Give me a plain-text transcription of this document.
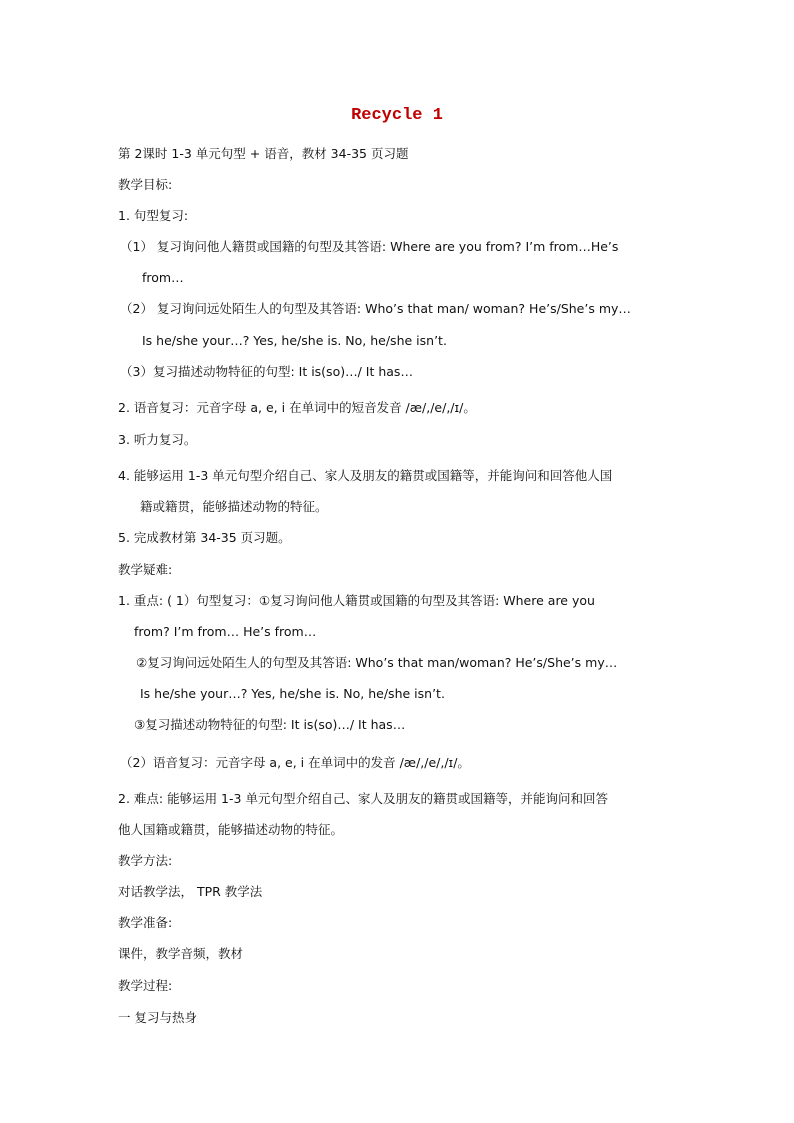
Recycle 1
第 2课时 1-3 单元句型 + 语音，教材 34-35 页习题
教学目标:
1. 句型复习:
（1） 复习询问他人籍贯或国籍的句型及其答语: Where are you from? I’m from…He’s
from…
（2） 复习询问远处陌生人的句型及其答语: Who’s that man/ woman? He’s/She’s my…
Is he/she your…? Yes, he/she is. No, he/she isn’t.
（3）复习描述动物特征的句型: It is(so)…/ It has…
2. 语音复习：元音字母 a, e, i 在单词中的短音发音 /æ/,/e/,/ɪ/。
3. 听力复习。
4. 能够运用 1-3 单元句型介绍自己、家人及朋友的籍贯或国籍等，并能询问和回答他人国
籍或籍贯，能够描述动物的特征。
5. 完成教材第 34-35 页习题。
教学疑难:
1. 重点: ( 1）句型复习：①复习询问他人籍贯或国籍的句型及其答语: Where are you
from? I’m from… He’s from…
②复习询问远处陌生人的句型及其答语: Who’s that man/woman? He’s/She’s my…
Is he/she your…? Yes, he/she is. No, he/she isn’t.
③复习描述动物特征的句型: It is(so)…/ It has…
（2）语音复习：元音字母 a, e, i 在单词中的发音 /æ/,/e/,/ɪ/。
2. 难点: 能够运用 1-3 单元句型介绍自己、家人及朋友的籍贯或国籍等，并能询问和回答
他人国籍或籍贯，能够描述动物的特征。
教学方法:
对话教学法， TPR 教学法
教学准备:
课件，教学音频，教材
教学过程:
一 复习与热身
